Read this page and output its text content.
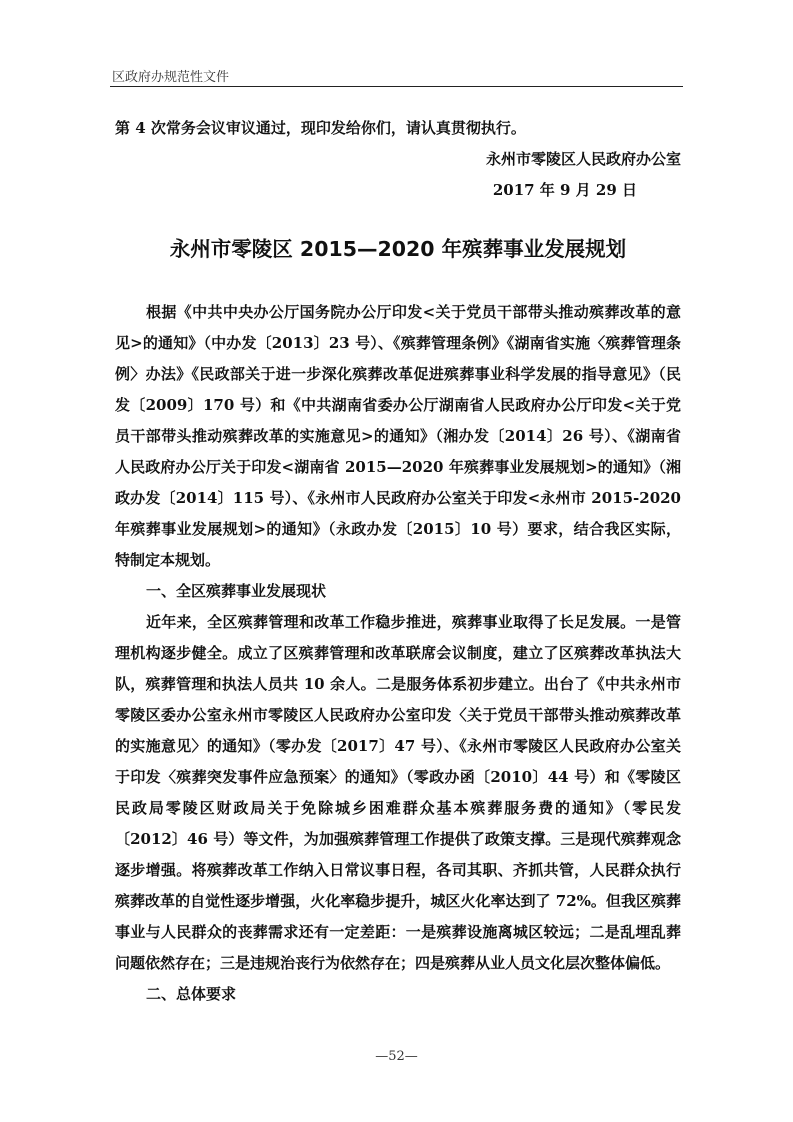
区政府办规范性文件

第 4 次常务会议审议通过，现印发给你们，请认真贯彻执行。

永州市零陵区人民政府办公室

2017 年 9 月 29 日

永州市零陵区 2015—2020 年殡葬事业发展规划

根据《中共中央办公厅国务院办公厅印发<关于党员干部带头推动殡葬改革的意见>的通知》（中办发〔2013〕23 号）、《殡葬管理条例》《湖南省实施〈殡葬管理条例〉办法》《民政部关于进一步深化殡葬改革促进殡葬事业科学发展的指导意见》（民发〔2009〕170 号）和《中共湖南省委办公厅湖南省人民政府办公厅印发<关于党员干部带头推动殡葬改革的实施意见>的通知》（湘办发〔2014〕26 号）、《湖南省人民政府办公厅关于印发<湖南省 2015—2020 年殡葬事业发展规划>的通知》（湘政办发〔2014〕115 号）、《永州市人民政府办公室关于印发<永州市 2015-2020 年殡葬事业发展规划>的通知》（永政办发〔2015〕10 号）要求，结合我区实际，特制定本规划。

一、全区殡葬事业发展现状

近年来，全区殡葬管理和改革工作稳步推进，殡葬事业取得了长足发展。一是管理机构逐步健全。成立了区殡葬管理和改革联席会议制度，建立了区殡葬改革执法大队，殡葬管理和执法人员共 10 余人。二是服务体系初步建立。出台了《中共永州市零陵区委办公室永州市零陵区人民政府办公室印发〈关于党员干部带头推动殡葬改革的实施意见〉的通知》（零办发〔2017〕47 号）、《永州市零陵区人民政府办公室关于印发〈殡葬突发事件应急预案〉的通知》（零政办函〔2010〕44 号）和《零陵区民政局零陵区财政局关于免除城乡困难群众基本殡葬服务费的通知》（零民发〔2012〕46 号）等文件，为加强殡葬管理工作提供了政策支撑。三是现代殡葬观念逐步增强。将殡葬改革工作纳入日常议事日程，各司其职、齐抓共管，人民群众执行殡葬改革的自觉性逐步增强，火化率稳步提升，城区火化率达到了 72%。但我区殡葬事业与人民群众的丧葬需求还有一定差距：一是殡葬设施离城区较远；二是乱埋乱葬问题依然存在；三是违规治丧行为依然存在；四是殡葬从业人员文化层次整体偏低。

二、总体要求

—52—
